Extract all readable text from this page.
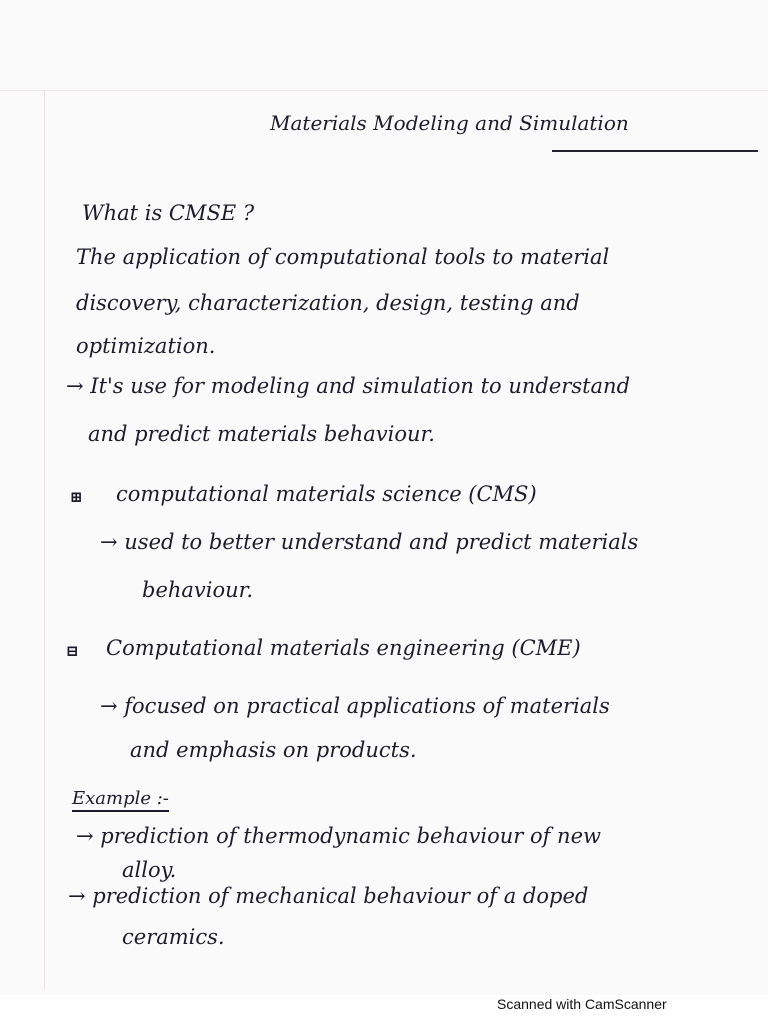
Materials Modeling and Simulation
What is CMSE ?
The application of computational tools to material
discovery, characterization, design, testing and
optimization.
→ It's use for modeling and simulation to understand
and predict materials behaviour.
⊞ computational materials science (CMS)
→ used to better understand and predict materials
behaviour.
⊟ Computational materials engineering (CME)
→ focused on practical applications of materials
and emphasis on products.
Example :-
→ prediction of thermodynamic behaviour of new
alloy.
→ prediction of mechanical behaviour of a doped
ceramics.
Scanned with CamScanner
